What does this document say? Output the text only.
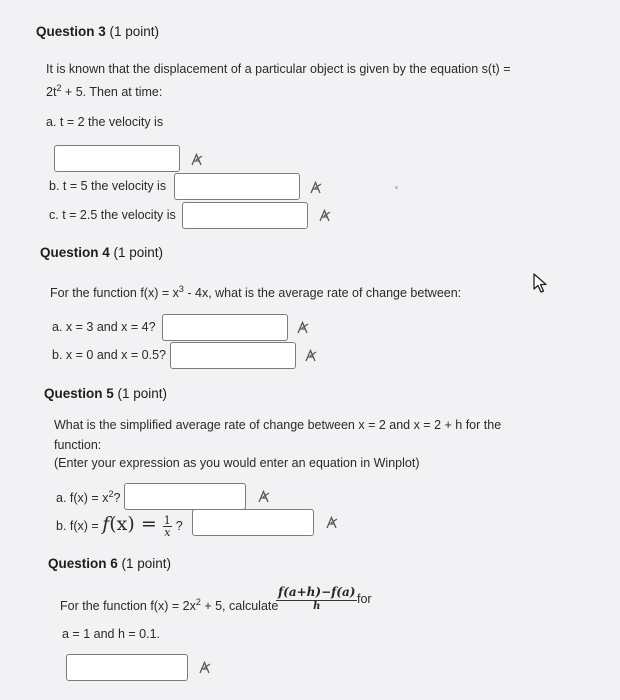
Question 3 (1 point)
It is known that the displacement of a particular object is given by the equation s(t) =
$2t^2 + 5$. Then at time:
a. t = 2 the velocity is
b. t = 5 the velocity is
c. t = 2.5 the velocity is
Question 4 (1 point)
For the function $f(x) = x^3 - 4x$, what is the average rate of change between:
a. x = 3 and x = 4?
b. x = 0 and x = 0.5?
Question 5 (1 point)
What is the simplified average rate of change between x = 2 and x = 2 + h for the
function:
(Enter your expression as you would enter an equation in Winplot)
a. $f(x) = x^2$?
b. $f(x) = f(x) = \frac{1}{x}$ ?
Question 6 (1 point)
For the function $f(x) = 2x^2 + 5$, calculate
f(a+h)−f(a)
h
for
a = 1 and h = 0.1.
